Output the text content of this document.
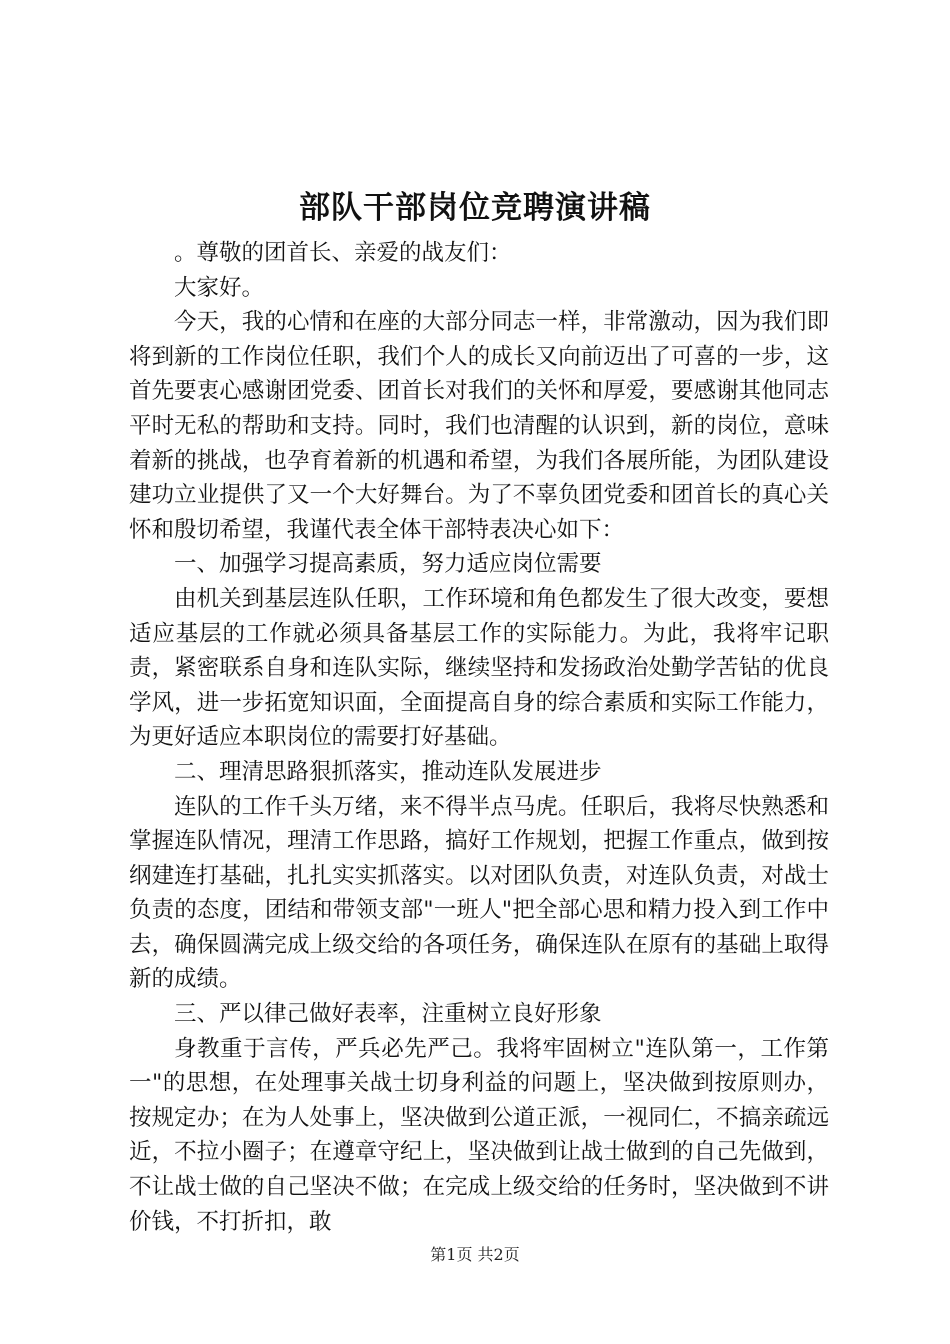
部队干部岗位竞聘演讲稿

。尊敬的团首长、亲爱的战友们：

大家好。

今天，我的心情和在座的大部分同志一样，非常激动，因为我们即将到新的工作岗位任职，我们个人的成长又向前迈出了可喜的一步，这首先要衷心感谢团党委、团首长对我们的关怀和厚爱，要感谢其他同志平时无私的帮助和支持。同时，我们也清醒的认识到，新的岗位，意味着新的挑战，也孕育着新的机遇和希望，为我们各展所能，为团队建设建功立业提供了又一个大好舞台。为了不辜负团党委和团首长的真心关怀和殷切希望，我谨代表全体干部特表决心如下：

一、加强学习提高素质，努力适应岗位需要

由机关到基层连队任职，工作环境和角色都发生了很大改变，要想适应基层的工作就必须具备基层工作的实际能力。为此，我将牢记职责，紧密联系自身和连队实际，继续坚持和发扬政治处勤学苦钻的优良学风，进一步拓宽知识面，全面提高自身的综合素质和实际工作能力，为更好适应本职岗位的需要打好基础。

二、理清思路狠抓落实，推动连队发展进步

连队的工作千头万绪，来不得半点马虎。任职后，我将尽快熟悉和掌握连队情况，理清工作思路，搞好工作规划，把握工作重点，做到按纲建连打基础，扎扎实实抓落实。以对团队负责，对连队负责，对战士负责的态度，团结和带领支部"一班人"把全部心思和精力投入到工作中去，确保圆满完成上级交给的各项任务，确保连队在原有的基础上取得新的成绩。

三、严以律己做好表率，注重树立良好形象

身教重于言传，严兵必先严己。我将牢固树立"连队第一，工作第一"的思想，在处理事关战士切身利益的问题上，坚决做到按原则办，按规定办；在为人处事上，坚决做到公道正派，一视同仁，不搞亲疏远近，不拉小圈子；在遵章守纪上，坚决做到让战士做到的自己先做到，不让战士做的自己坚决不做；在完成上级交给的任务时，坚决做到不讲价钱，不打折扣，敢

第1页 共2页
